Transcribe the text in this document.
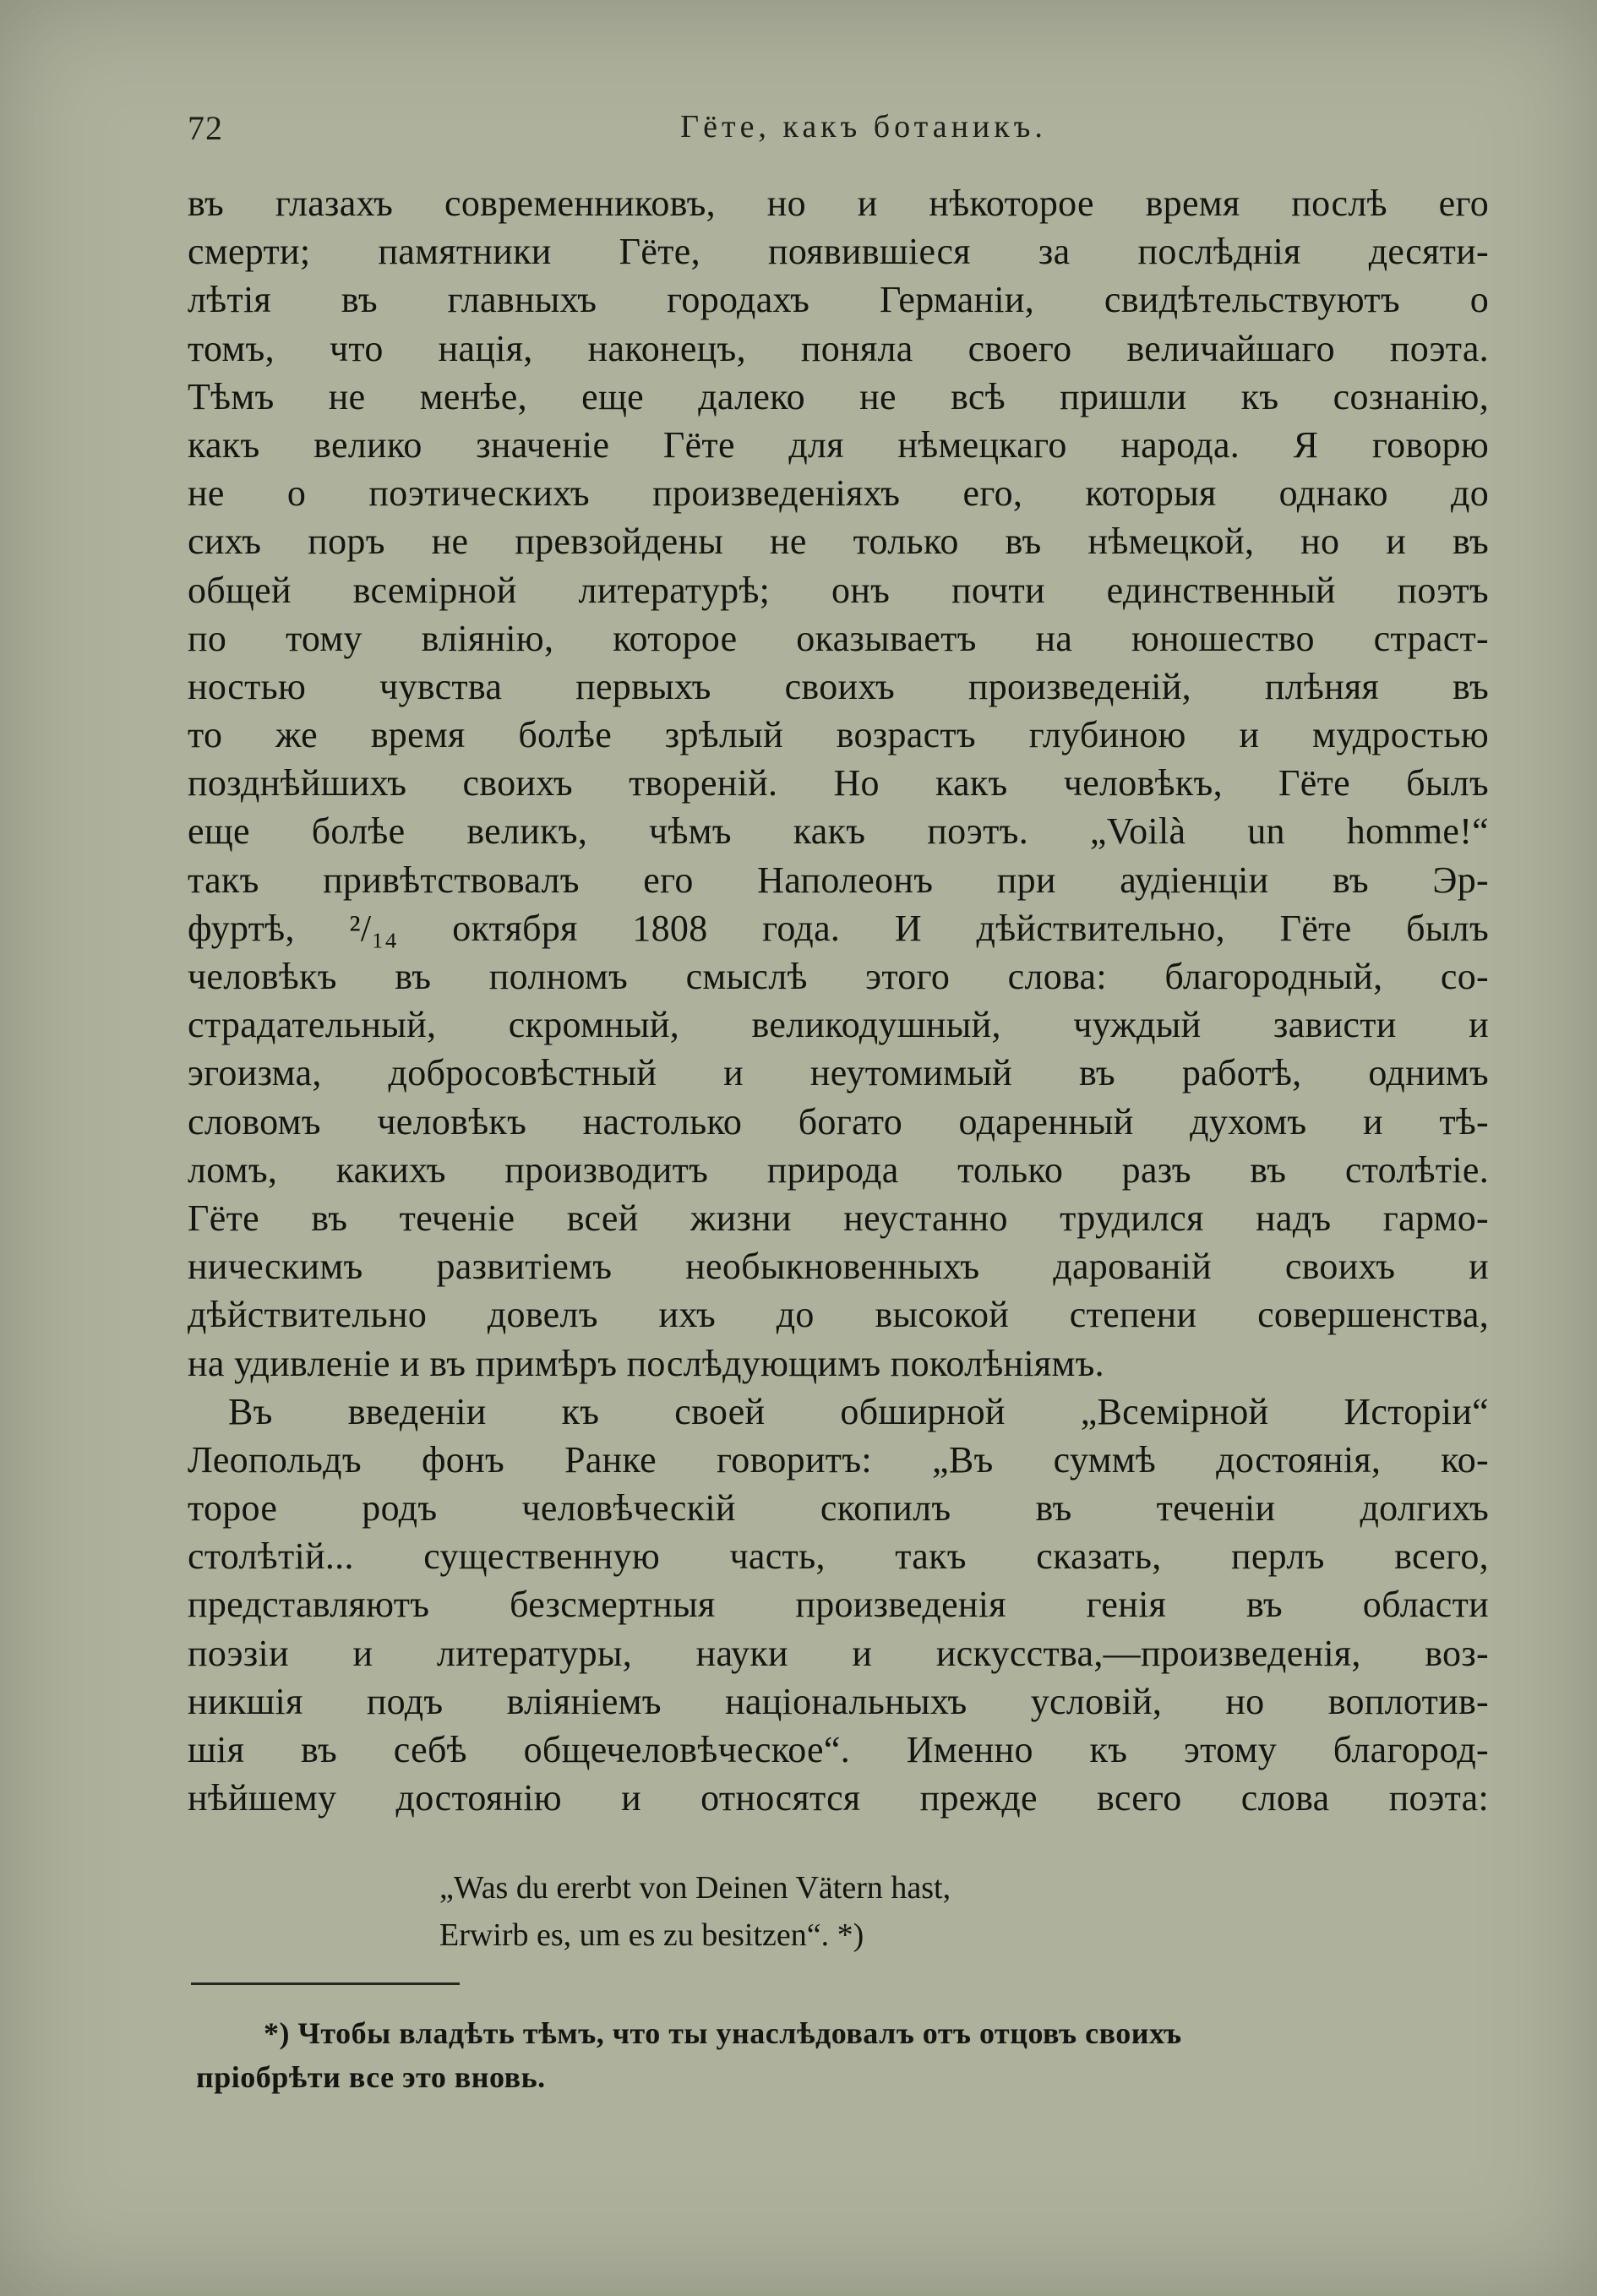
72	Гёте, какъ ботаникъ.
въ глазахъ современниковъ, но и нѣкоторое время послѣ его
смерти; памятники Гёте, появившіеся за послѣднія десяти-
лѣтія въ главныхъ городахъ Германіи, свидѣтельствуютъ о
томъ, что нація, наконецъ, поняла своего величайшаго поэта.
Тѣмъ не менѣе, еще далеко не всѣ пришли къ сознанію,
какъ велико значеніе Гёте для нѣмецкаго народа. Я говорю
не о поэтическихъ произведеніяхъ его, которыя однако до
сихъ поръ не превзойдены не только въ нѣмецкой, но и въ
общей всемірной литературѣ; онъ почти единственный поэтъ
по тому вліянію, которое оказываетъ на юношество страст-
ностью чувства первыхъ своихъ произведеній, плѣняя въ
то же время болѣе зрѣлый возрастъ глубиною и мудростью
позднѣйшихъ своихъ твореній. Но какъ человѣкъ, Гёте былъ
еще болѣе великъ, чѣмъ какъ поэтъ. „Voilà un homme!“
такъ привѣтствовалъ его Наполеонъ при аудіенціи въ Эр-
фуртѣ, ²/₁₄ октября 1808 года. И дѣйствительно, Гёте былъ
человѣкъ въ полномъ смыслѣ этого слова: благородный, со-
страдательный, скромный, великодушный, чуждый зависти и
эгоизма, добросовѣстный и неутомимый въ работѣ, однимъ
словомъ человѣкъ настолько богато одаренный духомъ и тѣ-
ломъ, какихъ производитъ природа только разъ въ столѣтіе.
Гёте въ теченіе всей жизни неустанно трудился надъ гармо-
ническимъ развитіемъ необыкновенныхъ дарованій своихъ и
дѣйствительно довелъ ихъ до высокой степени совершенства,
на удивленіе и въ примѣръ послѣдующимъ поколѣніямъ.
Въ введеніи къ своей обширной „Всемірной Исторіи“
Леопольдъ фонъ Ранке говоритъ: „Въ суммѣ достоянія, ко-
торое родъ человѣческій скопилъ въ теченіи долгихъ
столѣтій... существенную часть, такъ сказать, перлъ всего,
представляютъ безсмертныя произведенія генія въ области
поэзіи и литературы, науки и искусства,—произведенія, воз-
никшія подъ вліяніемъ національныхъ условій, но воплотив-
шія въ себѣ общечеловѣческое“. Именно къ этому благород-
нѣйшему достоянію и относятся прежде всего слова поэта:
„Was du ererbt von Deinen Vätern hast,
Erwirb es, um es zu besitzen“. *)
*) Чтобы владѣть тѣмъ, что ты унаслѣдовалъ отъ отцовъ своихъ
пріобрѣти все это вновь.
